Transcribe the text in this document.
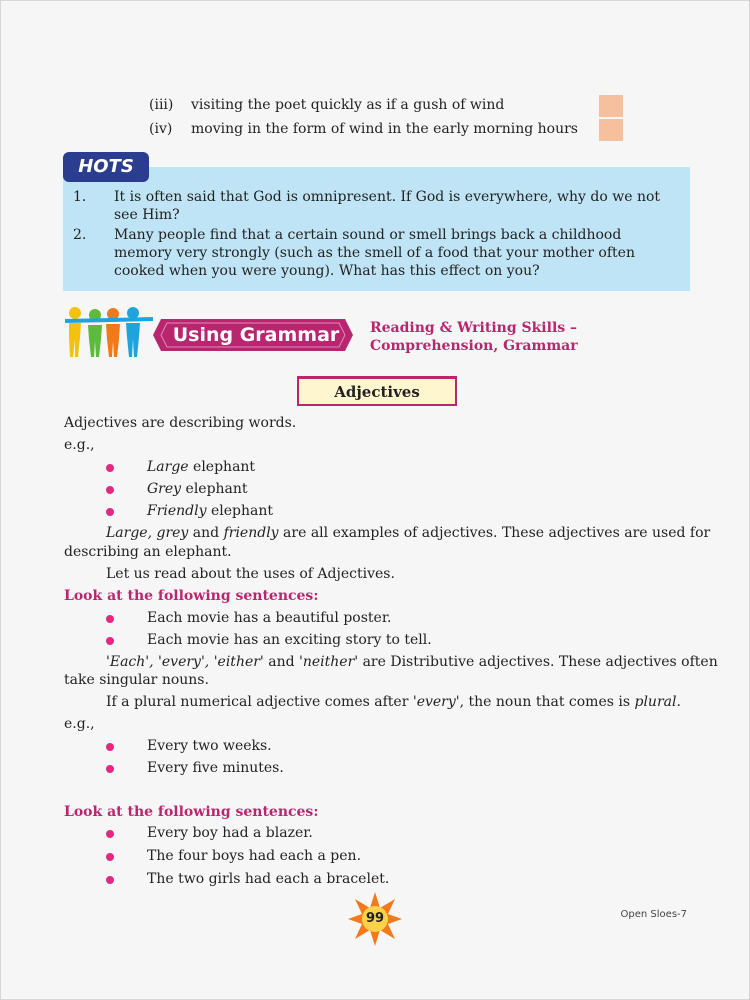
(iii) visiting the poet quickly as if a gush of wind
(iv) moving in the form of wind in the early morning hours
HOTS
1. It is often said that God is omnipresent. If God is everywhere, why do we not see Him?
2. Many people find that a certain sound or smell brings back a childhood memory very strongly (such as the smell of a food that your mother often cooked when you were young). What has this effect on you?
Using Grammar Reading & Writing Skills –
Comprehension, Grammar
Adjectives
Adjectives are describing words.
e.g.,
Large elephant
Grey elephant
Friendly elephant
Large, grey and friendly are all examples of adjectives. These adjectives are used for
describing an elephant.
Let us read about the uses of Adjectives.
Look at the following sentences:
Each movie has a beautiful poster.
Each movie has an exciting story to tell.
'Each', 'every', 'either' and 'neither' are Distributive adjectives. These adjectives often
take singular nouns.
If a plural numerical adjective comes after 'every', the noun that comes is plural.
e.g.,
Every two weeks.
Every five minutes.
Look at the following sentences:
Every boy had a blazer.
The four boys had each a pen.
The two girls had each a bracelet.
99	Open Sloes-7
